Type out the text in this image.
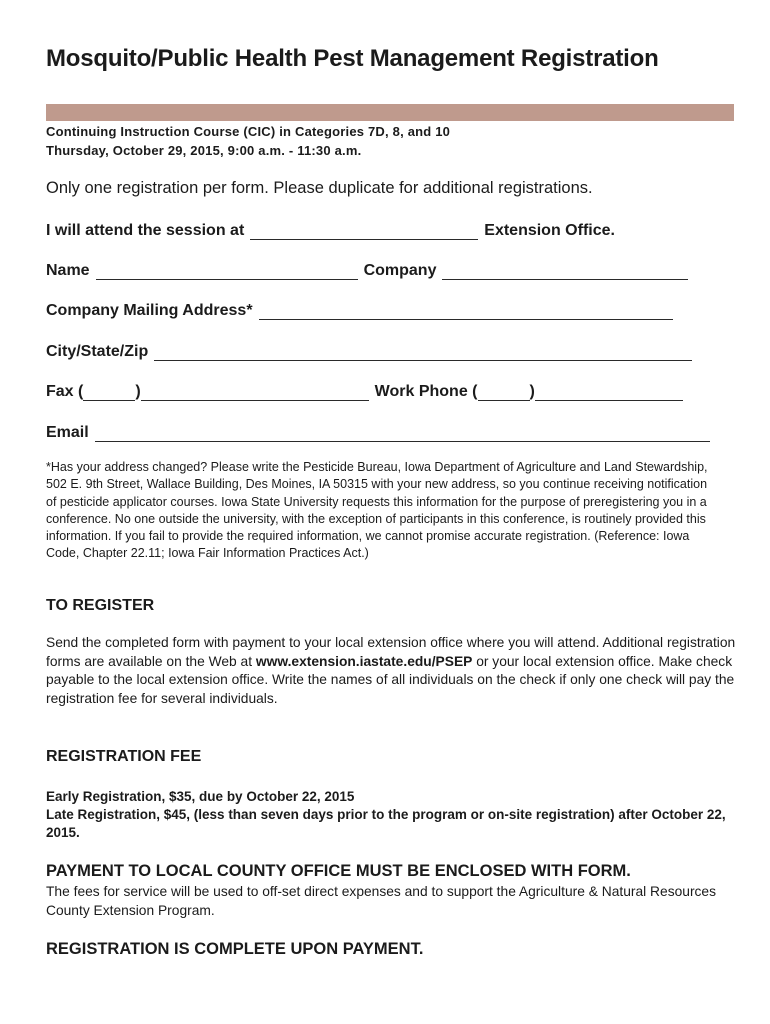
Mosquito/Public Health Pest Management Registration
Continuing Instruction Course (CIC) in Categories 7D, 8, and 10
Thursday, October 29, 2015, 9:00 a.m. - 11:30 a.m.
Only one registration per form. Please duplicate for additional registrations.
I will attend the session at	Extension Office.
Name	Company
Company Mailing Address*
City/State/Zip
Fax (	)	Work Phone (	)
Email
*Has your address changed? Please write the Pesticide Bureau, Iowa Department of Agriculture and Land Stewardship, 502 E. 9th Street, Wallace Building, Des Moines, IA 50315 with your new address, so you continue receiving notification of pesticide applicator courses. Iowa State University requests this information for the purpose of preregistering you in a conference. No one outside the university, with the exception of participants in this conference, is routinely provided this information. If you fail to provide the required information, we cannot promise accurate registration. (Reference: Iowa Code, Chapter 22.11; Iowa Fair Information Practices Act.)
TO REGISTER
Send the completed form with payment to your local extension office where you will attend. Additional registration forms are available on the Web at www.extension.iastate.edu/PSEP or your local extension office. Make check payable to the local extension office. Write the names of all individuals on the check if only one check will pay the registration fee for several individuals.
REGISTRATION FEE
Early Registration, $35, due by October 22, 2015
Late Registration, $45, (less than seven days prior to the program or on-site registration) after October 22, 2015.
PAYMENT TO LOCAL COUNTY OFFICE MUST BE ENCLOSED WITH FORM.
The fees for service will be used to off-set direct expenses and to support the Agriculture & Natural Resources County Extension Program.
REGISTRATION IS COMPLETE UPON PAYMENT.
